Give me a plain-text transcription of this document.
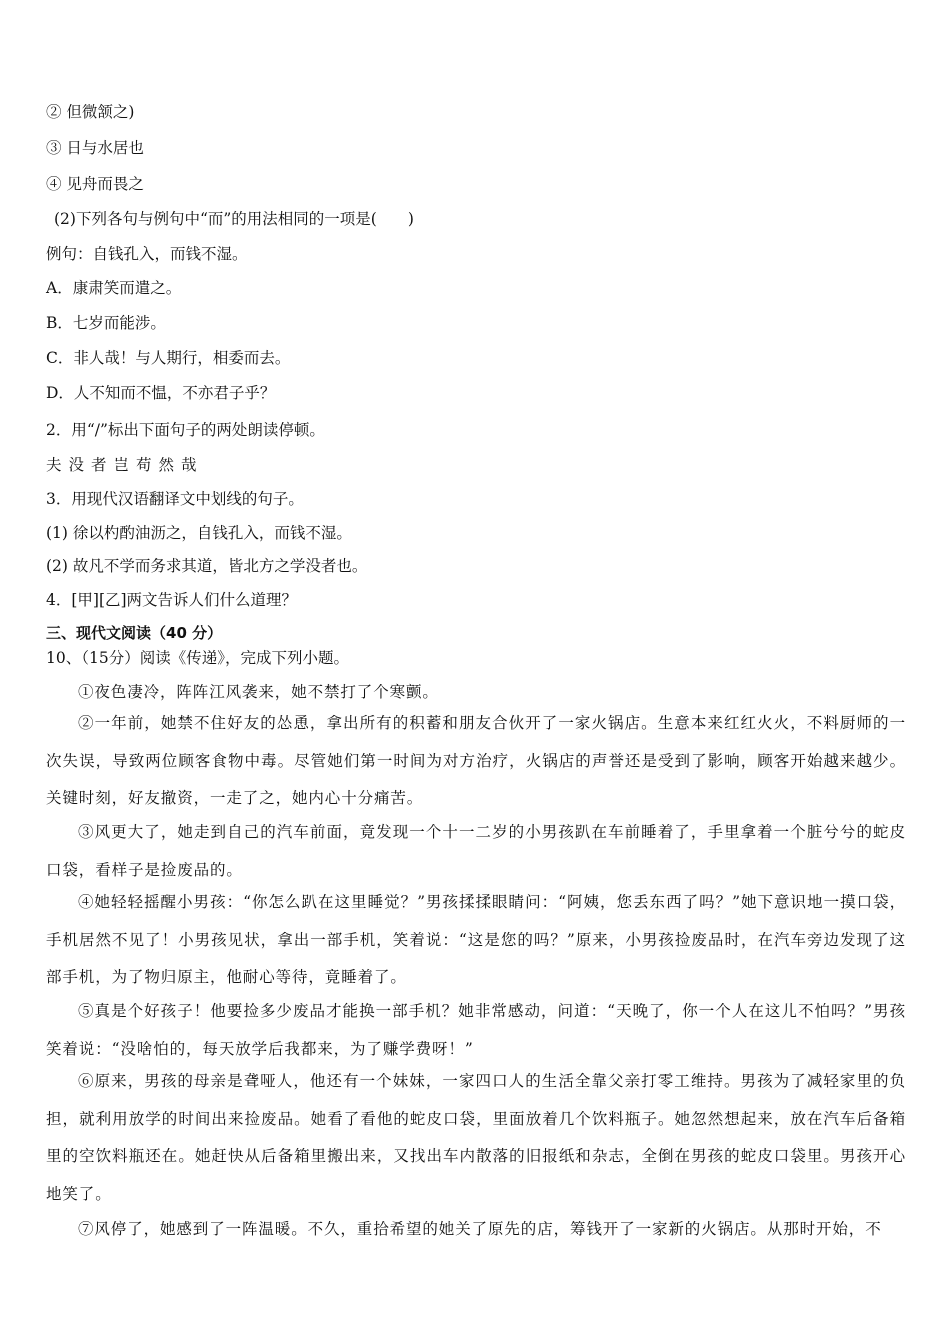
② 但微颔之)
③ 日与水居也
④ 见舟而畏之
(2)下列各句与例句中“而”的用法相同的一项是(　　)
例句：自钱孔入，而钱不湿。
A．康肃笑而遣之。
B．七岁而能涉。
C．非人哉！与人期行，相委而去。
D．人不知而不愠，不亦君子乎？
2．用“/”标出下面句子的两处朗读停顿。
夫没者岂苟然哉
3．用现代汉语翻译文中划线的句子。
(1) 徐以杓酌油沥之，自钱孔入，而钱不湿。
(2) 故凡不学而务求其道，皆北方之学没者也。
4．[甲][乙]两文告诉人们什么道理？
三、现代文阅读（40 分）
10、（15分）阅读《传递》，完成下列小题。
①夜色凄冷，阵阵江风袭来，她不禁打了个寒颤。
②一年前，她禁不住好友的怂恿，拿出所有的积蓄和朋友合伙开了一家火锅店。生意本来红红火火，不料厨师的一次失误，导致两位顾客食物中毒。尽管她们第一时间为对方治疗，火锅店的声誉还是受到了影响，顾客开始越来越少。关键时刻，好友撤资，一走了之，她内心十分痛苦。
③风更大了，她走到自己的汽车前面，竟发现一个十一二岁的小男孩趴在车前睡着了，手里拿着一个脏兮兮的蛇皮口袋，看样子是捡废品的。
④她轻轻摇醒小男孩：“你怎么趴在这里睡觉？”男孩揉揉眼睛问：“阿姨，您丢东西了吗？”她下意识地一摸口袋，手机居然不见了！小男孩见状，拿出一部手机，笑着说：“这是您的吗？”原来，小男孩捡废品时，在汽车旁边发现了这部手机，为了物归原主，他耐心等待，竟睡着了。
⑤真是个好孩子！他要捡多少废品才能换一部手机？她非常感动，问道：“天晚了，你一个人在这儿不怕吗？”男孩笑着说：“没啥怕的，每天放学后我都来，为了赚学费呀！”
⑥原来，男孩的母亲是聋哑人，他还有一个妹妹，一家四口人的生活全靠父亲打零工维持。男孩为了减轻家里的负担，就利用放学的时间出来捡废品。她看了看他的蛇皮口袋，里面放着几个饮料瓶子。她忽然想起来，放在汽车后备箱里的空饮料瓶还在。她赶快从后备箱里搬出来，又找出车内散落的旧报纸和杂志，全倒在男孩的蛇皮口袋里。男孩开心地笑了。
⑦风停了，她感到了一阵温暖。不久，重拾希望的她关了原先的店，筹钱开了一家新的火锅店。从那时开始，不
